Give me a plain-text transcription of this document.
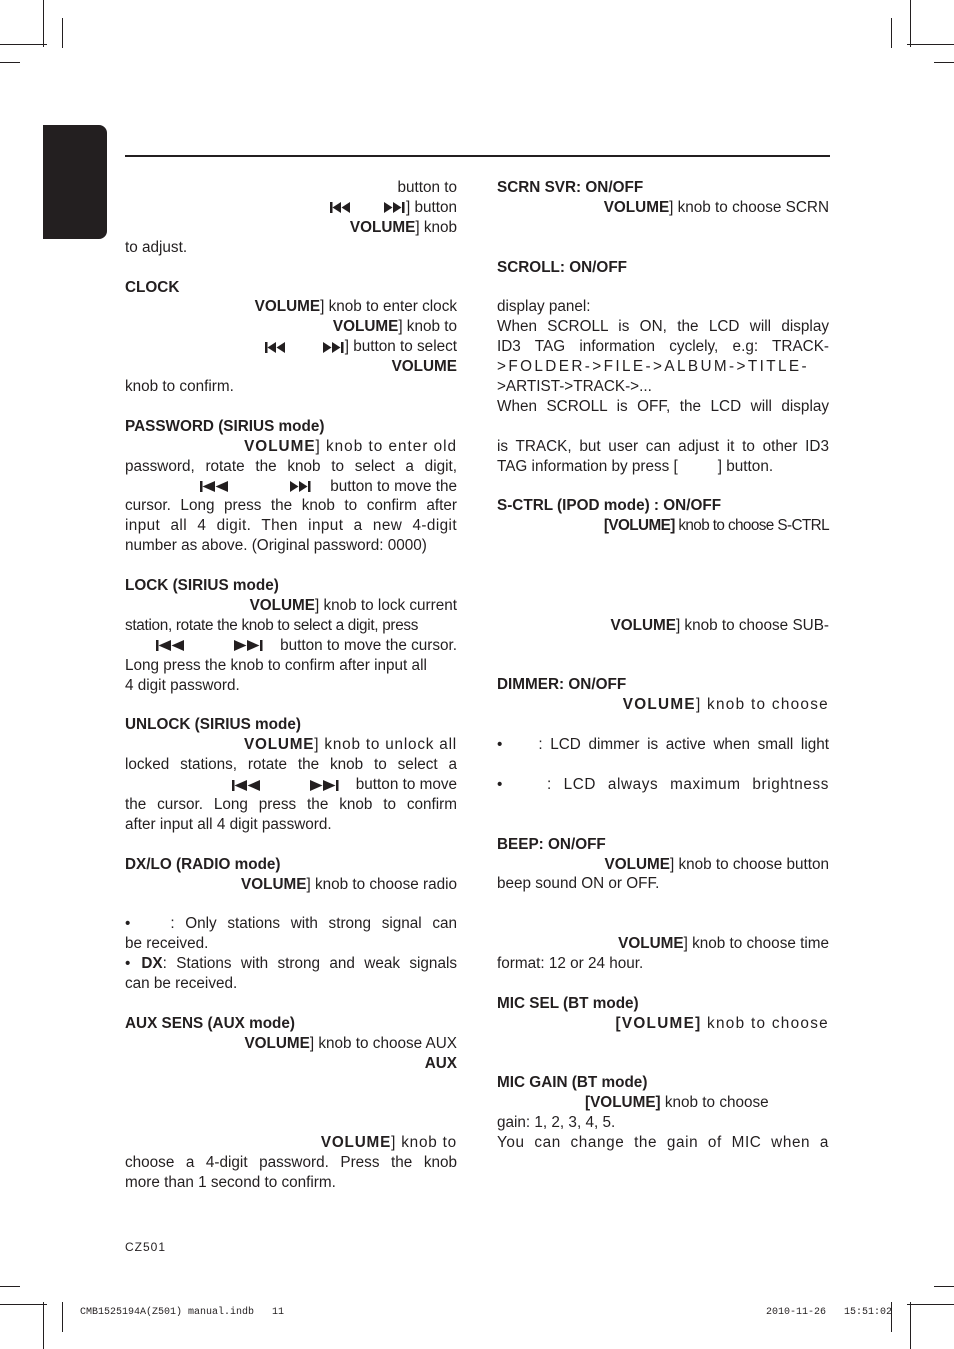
button to

] button

VOLUME] knob

to adjust.

CLOCK

VOLUME] knob to enter clock

VOLUME] knob to

] button to select

VOLUME

knob to confirm.

PASSWORD (SIRIUS mode)

VOLUME] knob to enter old

password, rotate the knob to select a digit,

button to move the

cursor. Long press the knob to confirm after

input all 4 digit. Then input a new 4-digit

number as above. (Original password: 0000)

LOCK (SIRIUS mode)

VOLUME] knob to lock current

station, rotate the knob to select a digit, press

button to move the cursor.

Long press the knob to confirm after input all

4 digit password.

UNLOCK (SIRIUS mode)

VOLUME] knob to unlock all

locked stations, rotate the knob to select a

button to move

the cursor. Long press the knob to confirm

after input all 4 digit password.

DX/LO (RADIO mode)

VOLUME] knob to choose radio

•	: Only stations with strong signal can

be received.

• DX: Stations with strong and weak signals

can be received.

AUX SENS (AUX mode)

VOLUME] knob to choose AUX

AUX

VOLUME] knob to

choose a 4-digit password. Press the knob

more than 1 second to confirm.

SCRN SVR: ON/OFF

VOLUME] knob to choose SCRN

SCROLL: ON/OFF

display panel:

When SCROLL is ON, the LCD will display

ID3 TAG information cyclely, e.g: TRACK-

>FOLDER->FILE->ALBUM->TITLE-

>ARTIST->TRACK->...

When SCROLL is OFF, the LCD will display

is TRACK, but user can adjust it to other ID3

TAG information by press [	] button.

S-CTRL (IPOD mode) : ON/OFF

[VOLUME] knob to choose S-CTRL

VOLUME] knob to choose SUB-

DIMMER: ON/OFF

VOLUME] knob to choose

• : LCD dimmer is active when small light

•	: LCD always maximum brightness

BEEP: ON/OFF

VOLUME] knob to choose button

beep sound ON or OFF.

VOLUME] knob to choose time

format: 12 or 24 hour.

MIC SEL (BT mode)

[VOLUME] knob to choose

MIC GAIN (BT mode)

[VOLUME] knob to choose

gain: 1, 2, 3, 4, 5.

You can change the gain of MIC when a

CZ501
CMB1525194A(Z501) manual.indb   11	2010-11-26   15:51:02
